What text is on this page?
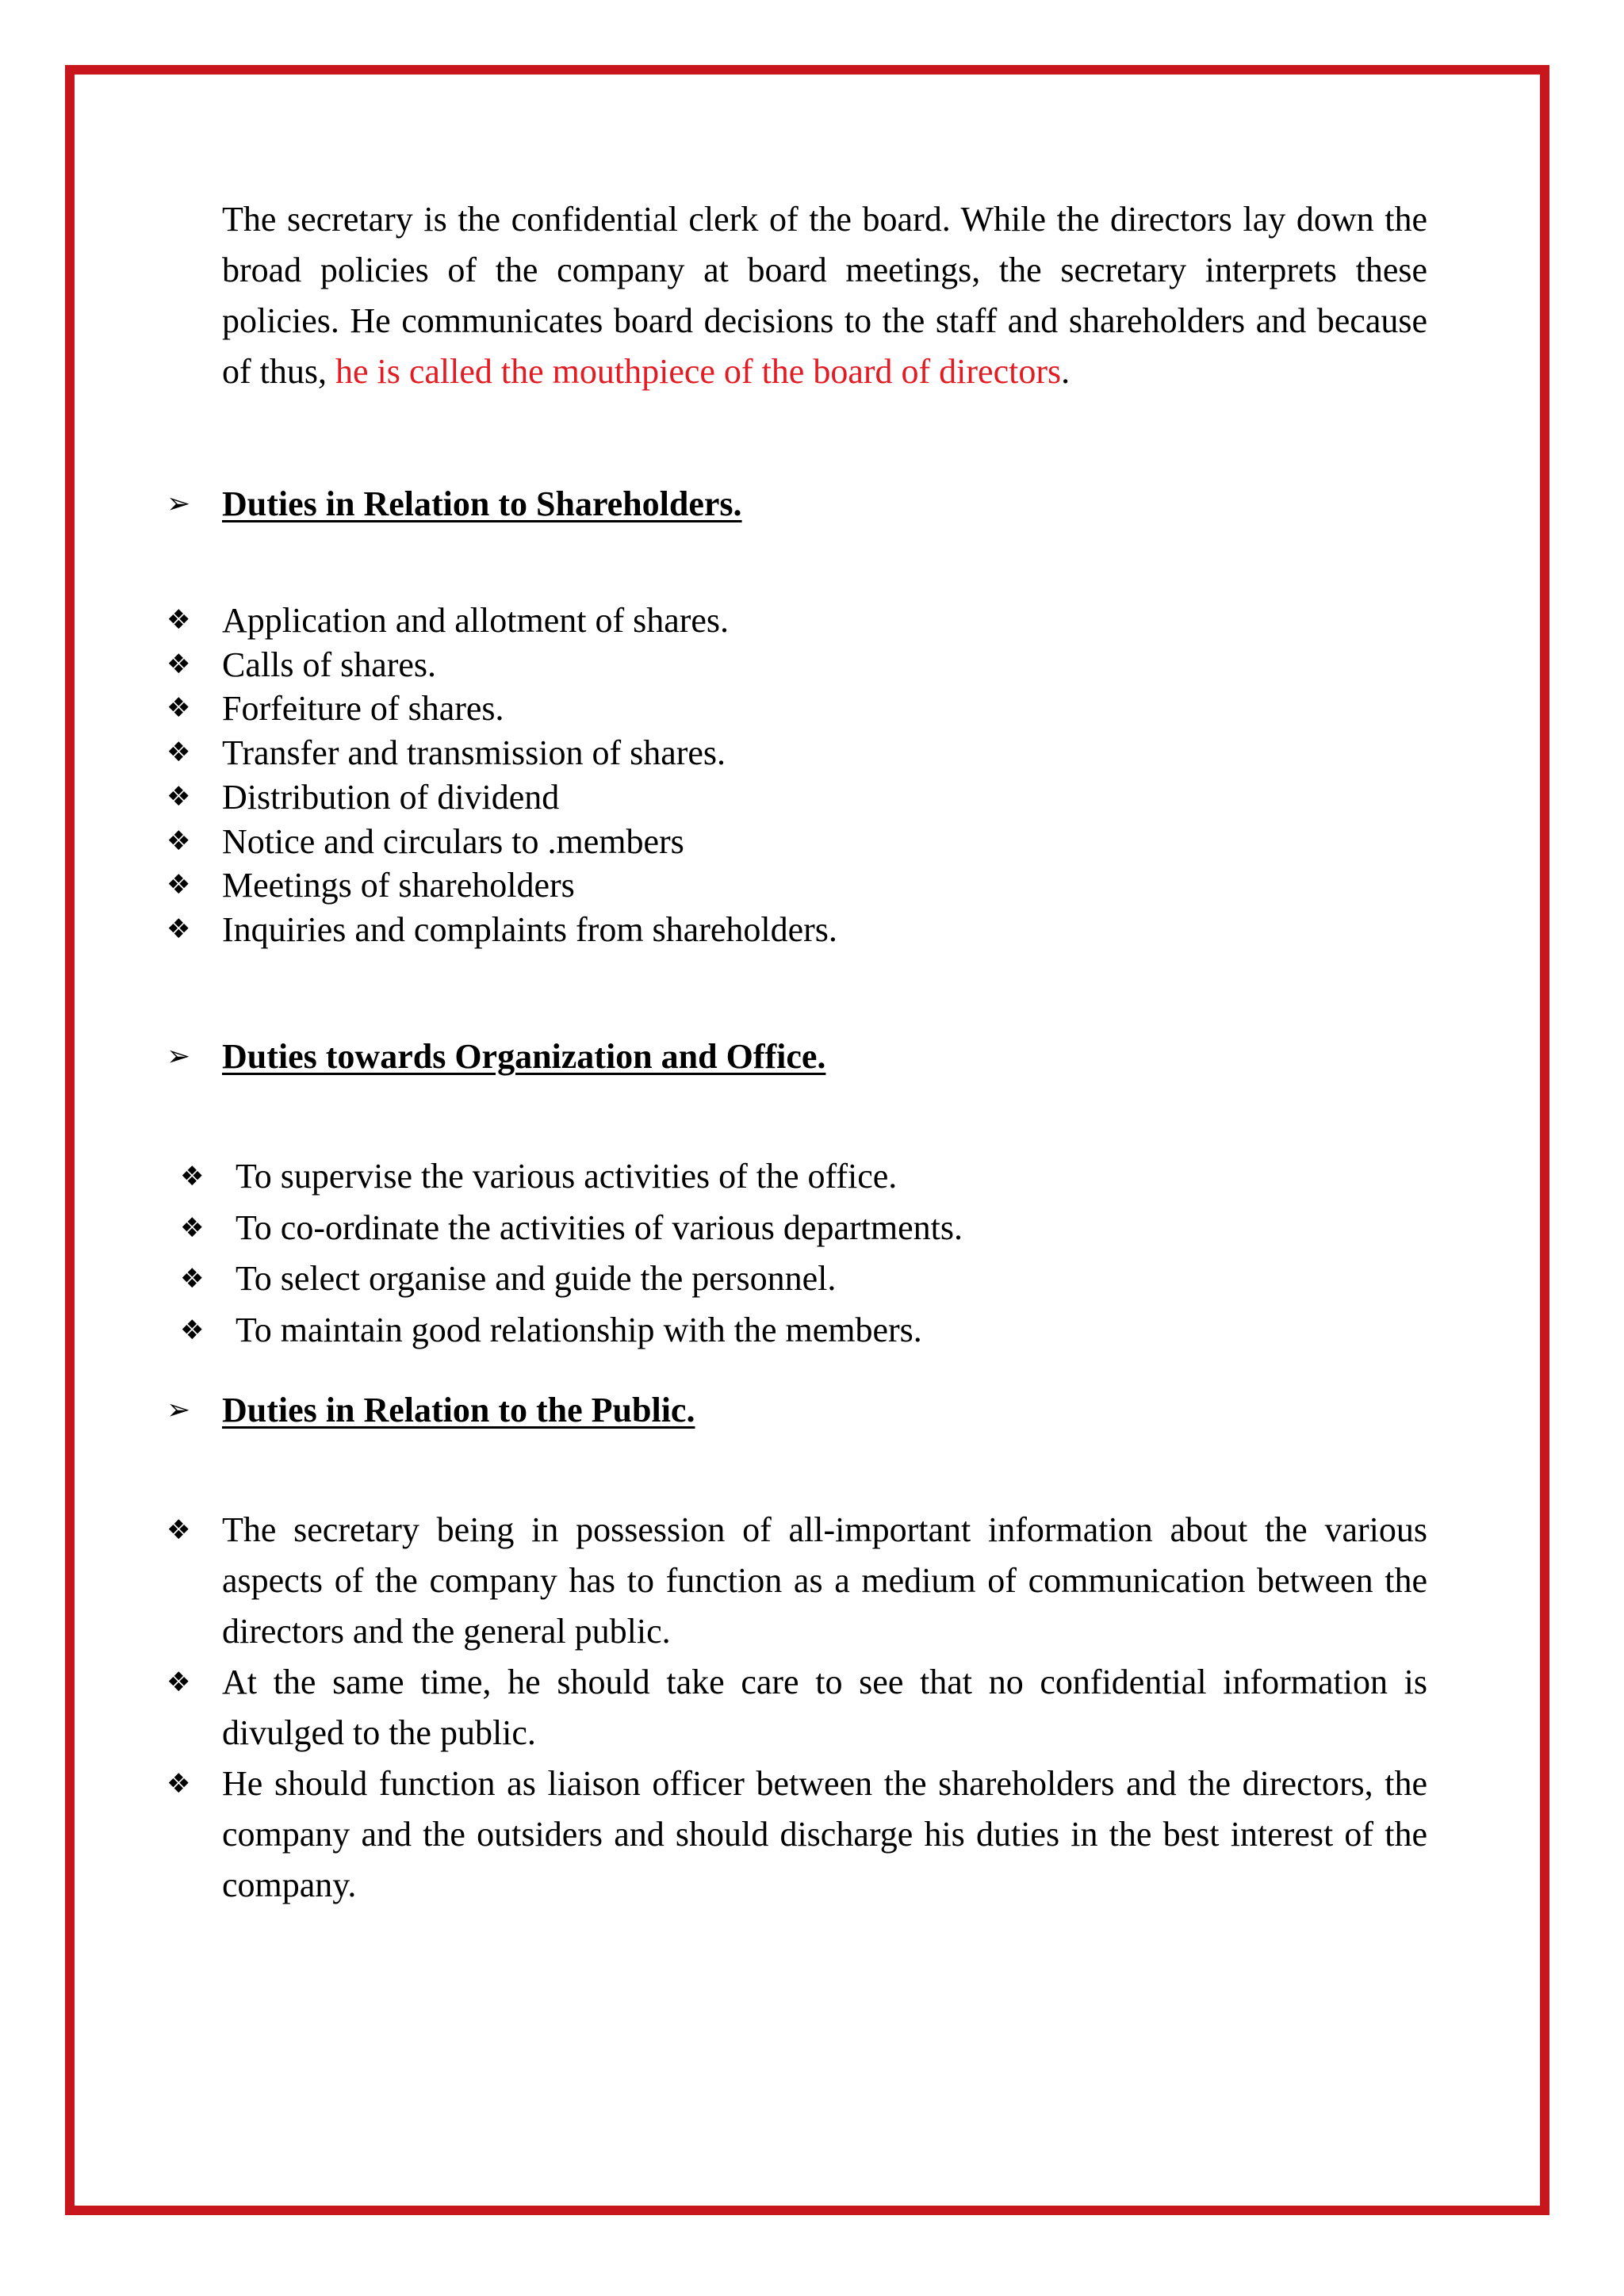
The secretary is the confidential clerk of the board. While the directors lay down the broad policies of the company at board meetings, the secretary interprets these policies. He communicates board decisions to the staff and shareholders and because of thus, he is called the mouthpiece of the board of directors.

➢ Duties in Relation to Shareholders.
❖ Application and allotment of shares.
❖ Calls of shares.
❖ Forfeiture of shares.
❖ Transfer and transmission of shares.
❖ Distribution of dividend
❖ Notice and circulars to .members
❖ Meetings of shareholders
❖ Inquiries and complaints from shareholders.
➢ Duties towards Organization and Office.
❖ To supervise the various activities of the office.
❖ To co-ordinate the activities of various departments.
❖ To select organise and guide the personnel.
❖ To maintain good relationship with the members.
➢ Duties in Relation to the Public.
❖ The secretary being in possession of all-important information about the various aspects of the company has to function as a medium of communication between the directors and the general public.
❖ At the same time, he should take care to see that no confidential information is divulged to the public.
❖ He should function as liaison officer between the shareholders and the directors, the company and the outsiders and should discharge his duties in the best interest of the company.
